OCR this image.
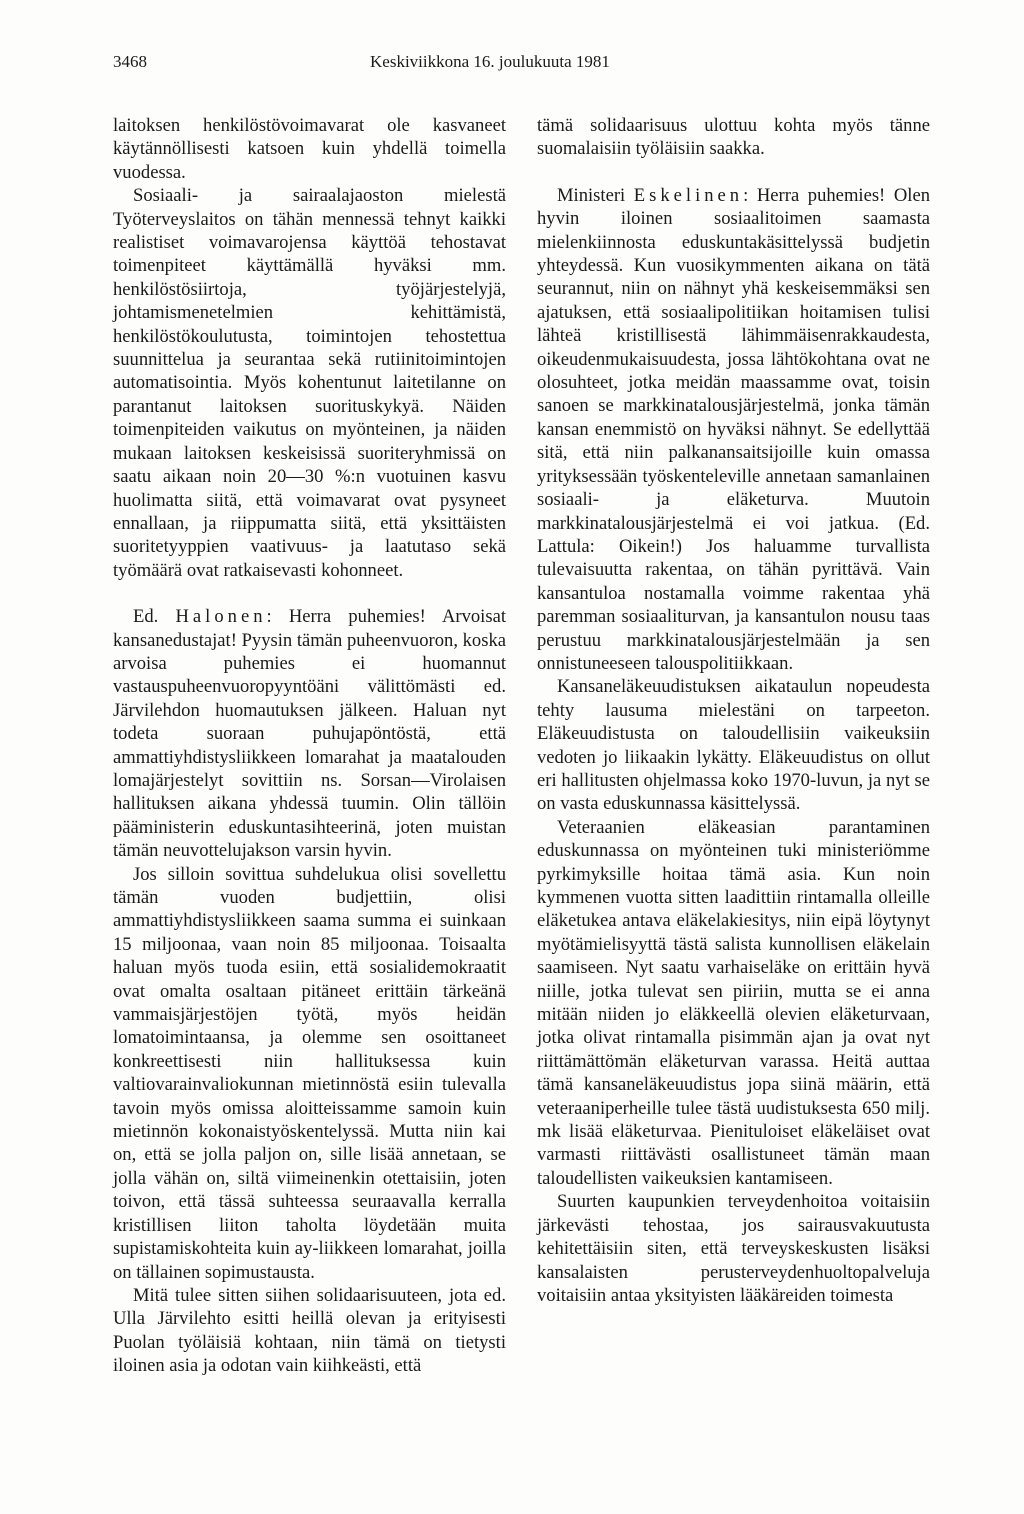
3468	Keskiviikkona 16. joulukuuta 1981

laitoksen henkilöstövoimavarat ole kasvaneet käytännöllisesti katsoen kuin yhdellä toimella vuodessa.

Sosiaali- ja sairaalajaoston mielestä Työterveyslaitos on tähän mennessä tehnyt kaikki realistiset voimavarojensa käyttöä tehostavat toimenpiteet käyttämällä hyväksi mm. henkilöstösiirtoja, työjärjestelyjä, johtamismenetelmien kehittämistä, henkilöstökoulutusta, toimintojen tehostettua suunnittelua ja seurantaa sekä rutiinitoimintojen automatisointia. Myös kohentunut laitetilanne on parantanut laitoksen suorituskykyä. Näiden toimenpiteiden vaikutus on myönteinen, ja näiden mukaan laitoksen keskeisissä suoriteryhmissä on saatu aikaan noin 20—30 %:n vuotuinen kasvu huolimatta siitä, että voimavarat ovat pysyneet ennallaan, ja riippumatta siitä, että yksittäisten suoritetyyppien vaativuus- ja laatutaso sekä työmäärä ovat ratkaisevasti kohonneet.

Ed. Halonen: Herra puhemies! Arvoisat kansanedustajat! Pyysin tämän puheenvuoron, koska arvoisa puhemies ei huomannut vastauspuheenvuoropyyntöäni välittömästi ed. Järvilehdon huomautuksen jälkeen. Haluan nyt todeta suoraan puhujapöntöstä, että ammattiyhdistysliikkeen lomarahat ja maatalouden lomajärjestelyt sovittiin ns. Sorsan—Virolaisen hallituksen aikana yhdessä tuumin. Olin tällöin pääministerin eduskuntasihteerinä, joten muistan tämän neuvottelujakson varsin hyvin.

Jos silloin sovittua suhdelukua olisi sovellettu tämän vuoden budjettiin, olisi ammattiyhdistysliikkeen saama summa ei suinkaan 15 miljoonaa, vaan noin 85 miljoonaa. Toisaalta haluan myös tuoda esiin, että sosialidemokraatit ovat omalta osaltaan pitäneet erittäin tärkeänä vammaisjärjestöjen työtä, myös heidän lomatoimintaansa, ja olemme sen osoittaneet konkreettisesti niin hallituksessa kuin valtiovarainvaliokunnan mietinnöstä esiin tulevalla tavoin myös omissa aloitteissamme samoin kuin mietinnön kokonaistyöskentelyssä. Mutta niin kai on, että se jolla paljon on, sille lisää annetaan, se jolla vähän on, siltä viimeinenkin otettaisiin, joten toivon, että tässä suhteessa seuraavalla kerralla kristillisen liiton taholta löydetään muita supistamiskohteita kuin ay-liikkeen lomarahat, joilla on tällainen sopimustausta.

Mitä tulee sitten siihen solidaarisuuteen, jota ed. Ulla Järvilehto esitti heillä olevan ja erityisesti Puolan työläisiä kohtaan, niin tämä on tietysti iloinen asia ja odotan vain kiihkeästi, että

tämä solidaarisuus ulottuu kohta myös tänne suomalaisiin työläisiin saakka.

Ministeri Eskelinen: Herra puhemies! Olen hyvin iloinen sosiaalitoimen saamasta mielenkiinnosta eduskuntakäsittelyssä budjetin yhteydessä. Kun vuosikymmenten aikana on tätä seurannut, niin on nähnyt yhä keskeisemmäksi sen ajatuksen, että sosiaalipolitiikan hoitamisen tulisi lähteä kristillisestä lähimmäisenrakkaudesta, oikeudenmukaisuudesta, jossa lähtökohtana ovat ne olosuhteet, jotka meidän maassamme ovat, toisin sanoen se markkinatalousjärjestelmä, jonka tämän kansan enemmistö on hyväksi nähnyt. Se edellyttää sitä, että niin palkanansaitsijoille kuin omassa yrityksessään työskenteleville annetaan samanlainen sosiaali- ja eläketurva. Muutoin markkinatalousjärjestelmä ei voi jatkua. (Ed. Lattula: Oikein!) Jos haluamme turvallista tulevaisuutta rakentaa, on tähän pyrittävä. Vain kansantuloa nostamalla voimme rakentaa yhä paremman sosiaaliturvan, ja kansantulon nousu taas perustuu markkinatalousjärjestelmään ja sen onnistuneeseen talouspolitiikkaan.

Kansaneläkeuudistuksen aikataulun nopeudesta tehty lausuma mielestäni on tarpeeton. Eläkeuudistusta on taloudellisiin vaikeuksiin vedoten jo liikaakin lykätty. Eläkeuudistus on ollut eri hallitusten ohjelmassa koko 1970-luvun, ja nyt se on vasta eduskunnassa käsittelyssä.

Veteraanien eläkeasian parantaminen eduskunnassa on myönteinen tuki ministeriömme pyrkimyksille hoitaa tämä asia. Kun noin kymmenen vuotta sitten laadittiin rintamalla olleille eläketukea antava eläkelakiesitys, niin eipä löytynyt myötämielisyyttä tästä salista kunnollisen eläkelain saamiseen. Nyt saatu varhaiseläke on erittäin hyvä niille, jotka tulevat sen piiriin, mutta se ei anna mitään niiden jo eläkkeellä olevien eläketurvaan, jotka olivat rintamalla pisimmän ajan ja ovat nyt riittämättömän eläketurvan varassa. Heitä auttaa tämä kansaneläkeuudistus jopa siinä määrin, että veteraaniperheille tulee tästä uudistuksesta 650 milj. mk lisää eläketurvaa. Pienituloiset eläkeläiset ovat varmasti riittävästi osallistuneet tämän maan taloudellisten vaikeuksien kantamiseen.

Suurten kaupunkien terveydenhoitoa voitaisiin järkevästi tehostaa, jos sairausvakuutusta kehitettäisiin siten, että terveyskeskusten lisäksi kansalaisten perusterveydenhuoltopalveluja voitaisiin antaa yksityisten lääkäreiden toimesta
